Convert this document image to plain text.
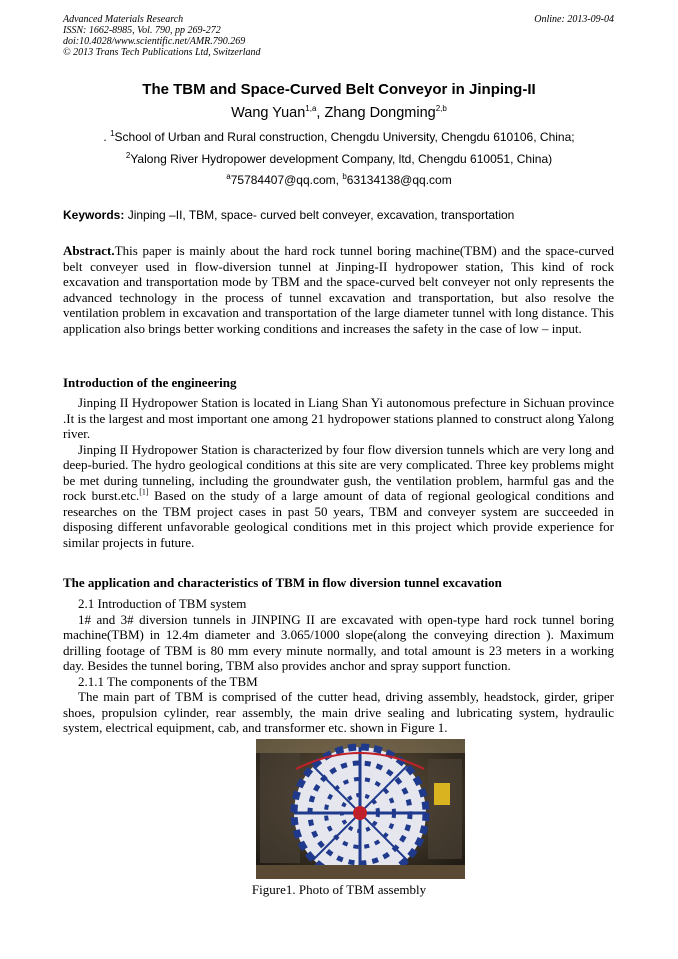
Advanced Materials Research
ISSN: 1662-8985, Vol. 790, pp 269-272
doi:10.4028/www.scientific.net/AMR.790.269
© 2013 Trans Tech Publications Ltd, Switzerland
Online: 2013-09-04
The TBM and Space-Curved Belt Conveyor in Jinping-II
Wang Yuan$^{1,a}$, Zhang Dongming$^{2,b}$
. $^1$School of Urban and Rural construction, Chengdu University, Chengdu 610106, China;
$^2$Yalong River Hydropower development Company, ltd, Chengdu 610051, China)
$^a$75784407@qq.com, $^b$63134138@qq.com
Keywords: Jinping –II, TBM, space- curved belt conveyer, excavation, transportation
Abstract.This paper is mainly about the hard rock tunnel boring machine(TBM) and the space-curved belt conveyer used in flow-diversion tunnel at Jinping-II hydropower station, This kind of rock excavation and transportation mode by TBM and the space-curved belt conveyer not only represents the advanced technology in the process of tunnel excavation and transportation, but also resolve the ventilation problem in excavation and transportation of the large diameter tunnel with long distance. This application also brings better working conditions and increases the safety in the case of low – input.
Introduction of the engineering

Jinping II Hydropower Station is located in Liang Shan Yi autonomous prefecture in Sichuan province .It is the largest and most important one among 21 hydropower stations planned to construct along Yalong river.

Jinping II Hydropower Station is characterized by four flow diversion tunnels which are very long and deep-buried. The hydro geological conditions at this site are very complicated. Three key problems might be met during tunneling, including the groundwater gush, the ventilation problem, harmful gas and the rock burst.etc.[1] Based on the study of a large amount of data of regional geological conditions and researches on the TBM project cases in past 50 years, TBM and conveyer system are succeeded in disposing different unfavorable geological conditions met in this project which provide experience for similar projects in future.

The application and characteristics of TBM in flow diversion tunnel excavation

2.1 Introduction of TBM system

1# and 3# diversion tunnels in JINPING II are excavated with open-type hard rock tunnel boring machine(TBM) in 12.4m diameter and 3.065/1000 slope(along the conveying direction ). Maximum drilling footage of TBM is 80 mm every minute normally, and total amount is 23 meters in a working day. Besides the tunnel boring, TBM also provides anchor and spray support function.

2.1.1 The components of the TBM

The main part of TBM is comprised of the cutter head, driving assembly, headstock, girder, griper shoes, propulsion cylinder, rear assembly, the main drive sealing and lubricating system, hydraulic system, electrical equipment, cab, and transformer etc. shown in Figure 1.

Figure1. Photo of TBM assembly
